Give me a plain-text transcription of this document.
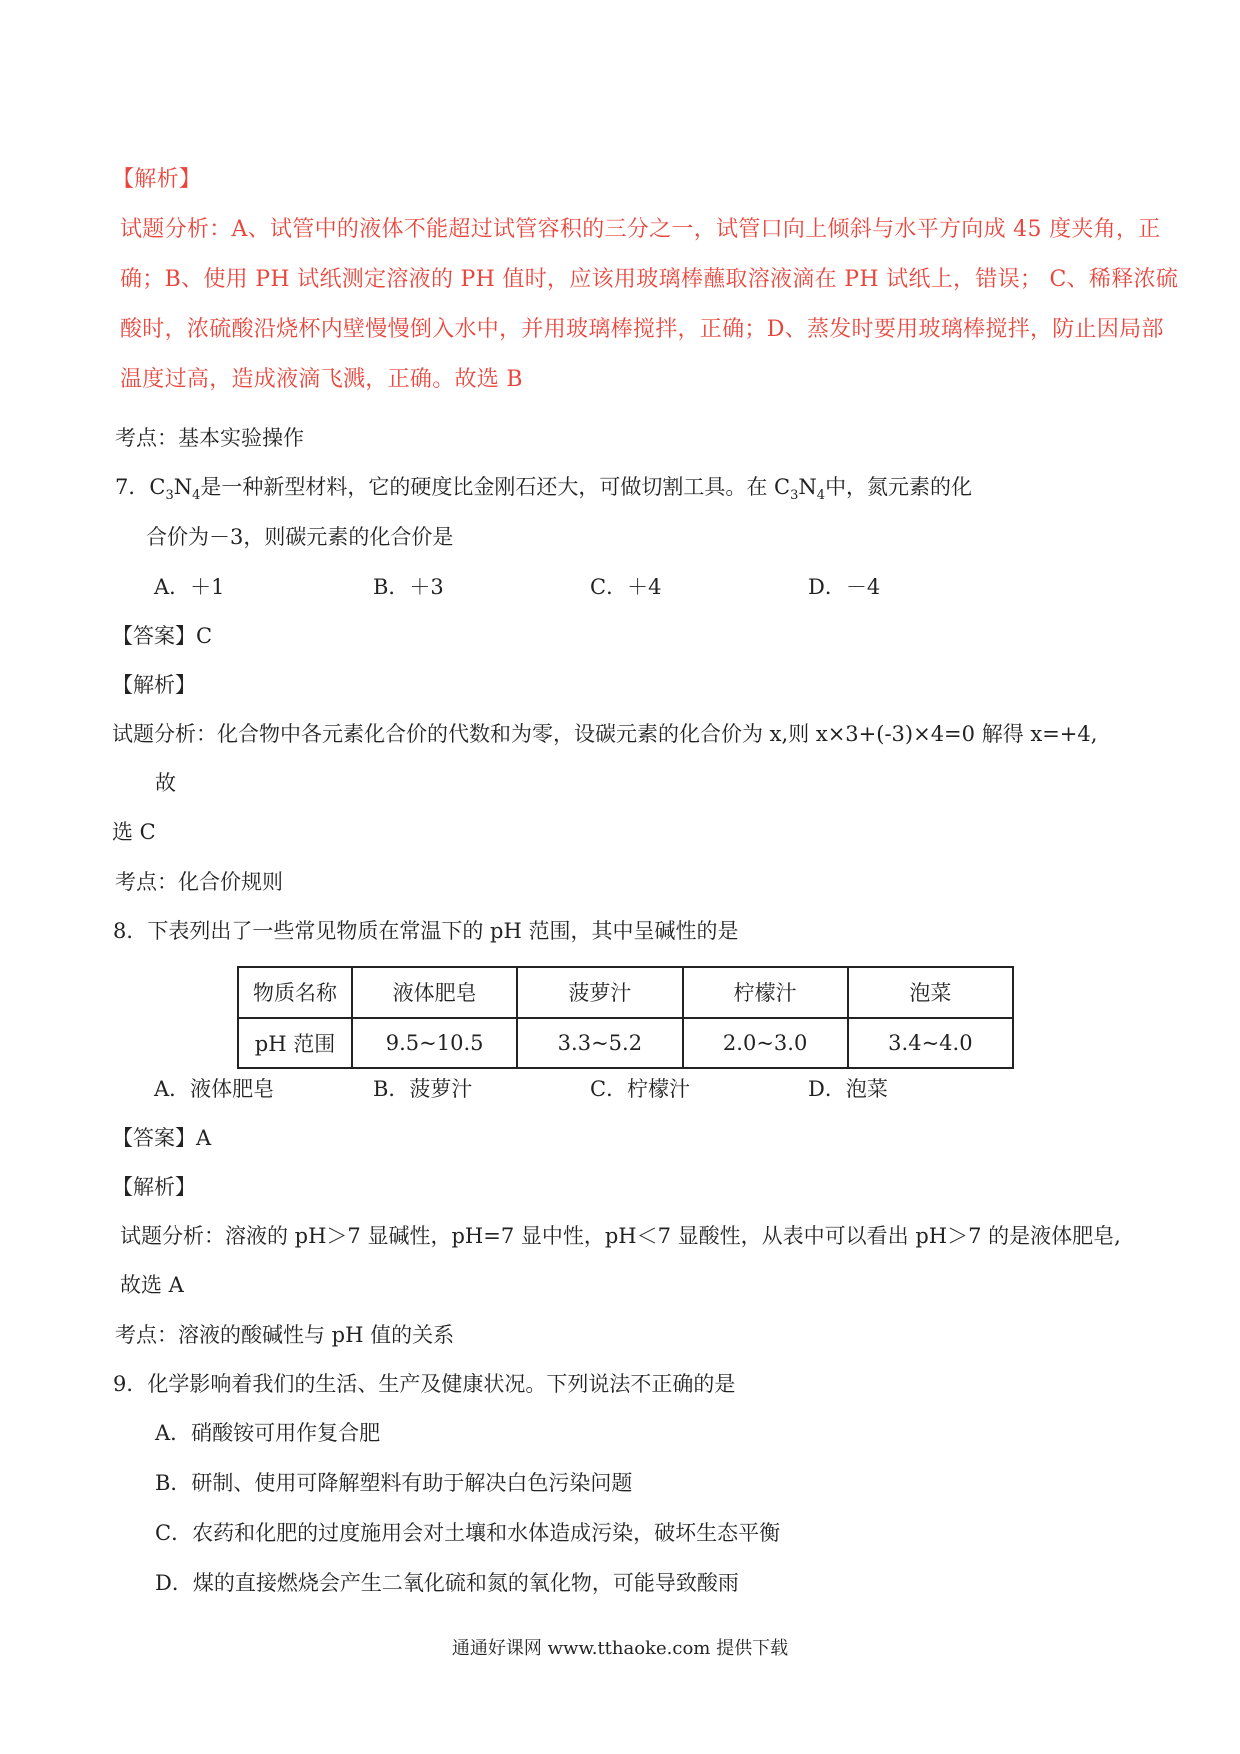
【解析】
试题分析：A、试管中的液体不能超过试管容积的三分之一，试管口向上倾斜与水平方向成 45 度夹角，正
确；B、使用 PH 试纸测定溶液的 PH 值时，应该用玻璃棒蘸取溶液滴在 PH 试纸上，错误； C、稀释浓硫
酸时，浓硫酸沿烧杯内壁慢慢倒入水中，并用玻璃棒搅拌，正确；D、蒸发时要用玻璃棒搅拌，防止因局部
温度过高，造成液滴飞溅，正确。故选 B
考点：基本实验操作
7．$C_3N_4$是一种新型材料，它的硬度比金刚石还大，可做切割工具。在 $C_3N_4$中，氮元素的化
合价为－3，则碳元素的化合价是
A．＋1	B．＋3	C．＋4	D．－4
【答案】C
【解析】
试题分析：化合物中各元素化合价的代数和为零，设碳元素的化合价为 x,则 x×3+(-3)×4=0 解得 x=+4,
故
选 C
考点：化合价规则
8．下表列出了一些常见物质在常温下的 pH 范围，其中呈碱性的是
物质名称	液体肥皂	菠萝汁	柠檬汁	泡菜
pH 范围	9.5~10.5	3.3~5.2	2.0~3.0	3.4~4.0
A．液体肥皂	B．菠萝汁	C．柠檬汁	D．泡菜
【答案】A
【解析】
试题分析：溶液的 pH＞7 显碱性，pH=7 显中性，pH＜7 显酸性，从表中可以看出 pH＞7 的是液体肥皂,
故选 A
考点：溶液的酸碱性与 pH 值的关系
9．化学影响着我们的生活、生产及健康状况。下列说法不正确的是
A．硝酸铵可用作复合肥
B．研制、使用可降解塑料有助于解决白色污染问题
C．农药和化肥的过度施用会对土壤和水体造成污染，破坏生态平衡
D．煤的直接燃烧会产生二氧化硫和氮的氧化物，可能导致酸雨
通通好课网 www.tthaoke.com 提供下载
